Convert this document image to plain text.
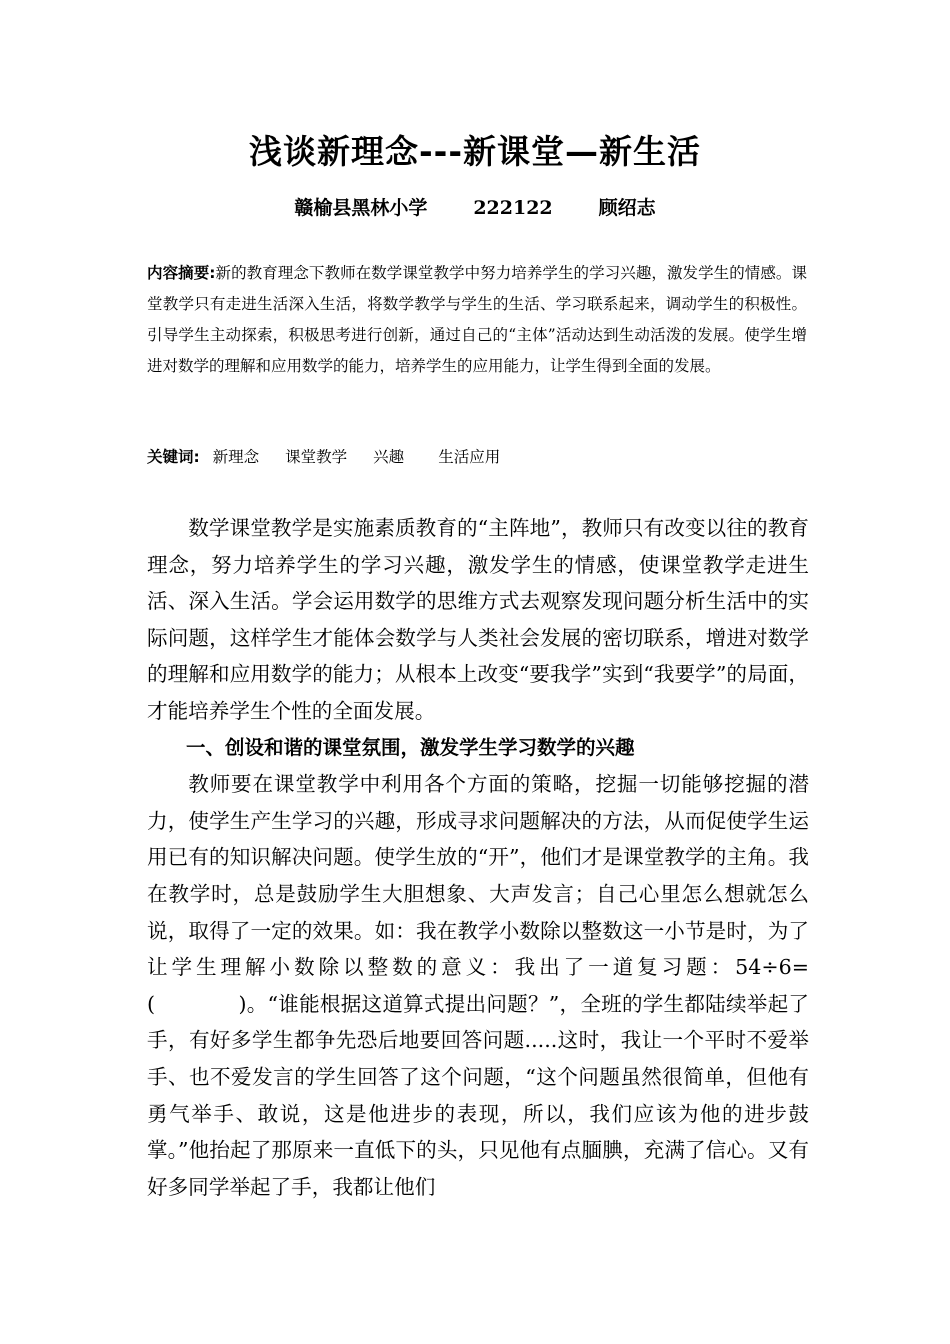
浅谈新理念---新课堂—新生活
赣榆县黑林小学 222122 顾绍志
内容摘要:新的教育理念下教师在数学课堂教学中努力培养学生的学习兴趣，激发学生的情感。课堂教学只有走进生活深入生活，将数学教学与学生的生活、学习联系起来，调动学生的积极性。引导学生主动探索，积极思考进行创新，通过自己的“主体”活动达到生动活泼的发展。使学生增进对数学的理解和应用数学的能力，培养学生的应用能力，让学生得到全面的发展。
关键词: 新理念 课堂教学 兴趣 生活应用

数学课堂教学是实施素质教育的“主阵地”，教师只有改变以往的教育理念，努力培养学生的学习兴趣，激发学生的情感，使课堂教学走进生活、深入生活。学会运用数学的思维方式去观察发现问题分析生活中的实际问题，这样学生才能体会数学与人类社会发展的密切联系，增进对数学的理解和应用数学的能力；从根本上改变“要我学”实到“我要学”的局面，才能培养学生个性的全面发展。

一、创设和谐的课堂氛围，激发学生学习数学的兴趣

教师要在课堂教学中利用各个方面的策略，挖掘一切能够挖掘的潜力，使学生产生学习的兴趣，形成寻求问题解决的方法，从而促使学生运用已有的知识解决问题。使学生放的“开”，他们才是课堂教学的主角。我在教学时，总是鼓励学生大胆想象、大声发言；自己心里怎么想就怎么说，取得了一定的效果。如：我在教学小数除以整数这一小节是时，为了让学生理解小数除以整数的意义：我出了一道复习题：54÷6=(　　　　)。“谁能根据这道算式提出问题？”，全班的学生都陆续举起了手，有好多学生都争先恐后地要回答问题.....这时，我让一个平时不爱举手、也不爱发言的学生回答了这个问题，“这个问题虽然很简单，但他有勇气举手、敢说，这是他进步的表现，所以，我们应该为他的进步鼓掌。”他抬起了那原来一直低下的头，只见他有点腼腆，充满了信心。又有好多同学举起了手，我都让他们
